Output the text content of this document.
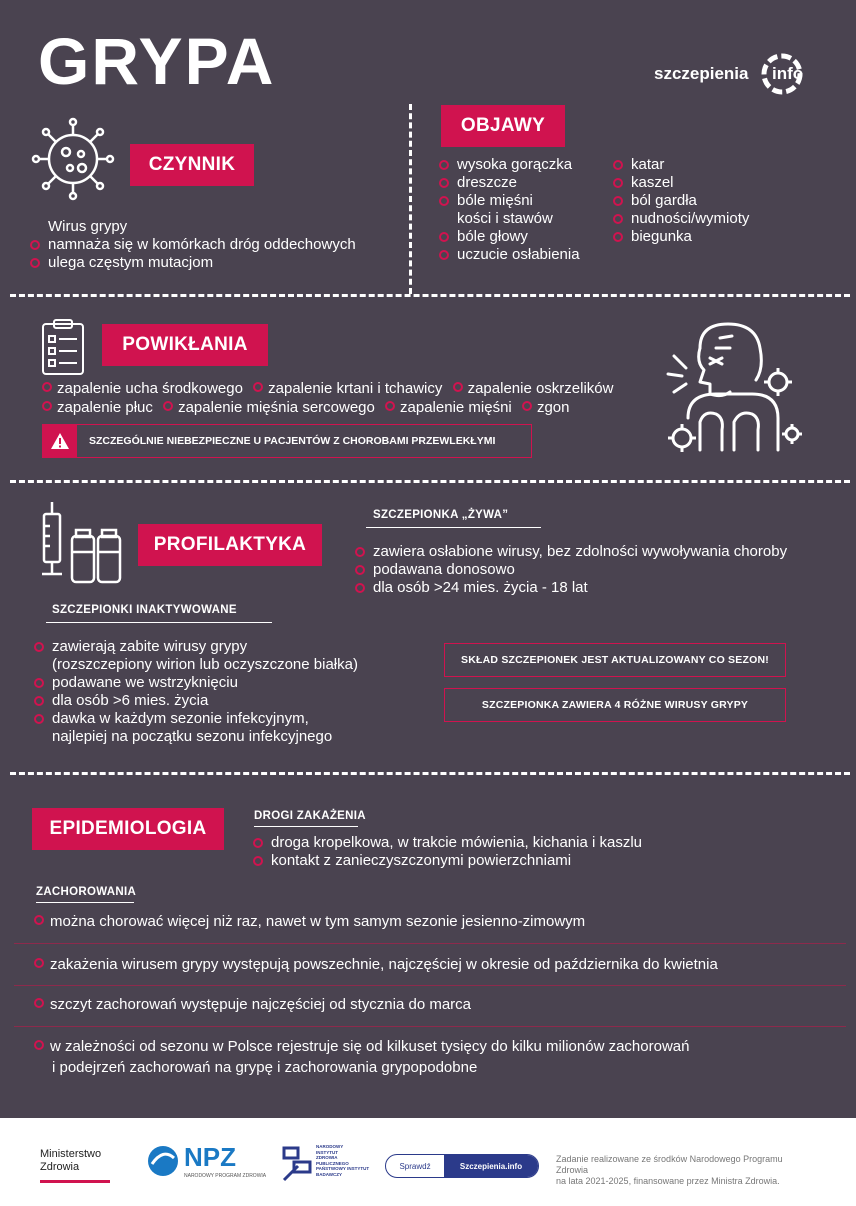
GRYPA	szczepienia info
CZYNNIK
Wirus grypy
namnaża się w komórkach dróg oddechowych
ulega częstym mutacjom
OBJAWY
wysoka gorączka
dreszcze
bóle mięśni
kości i stawów
bóle głowy
uczucie osłabienia
katar
kaszel
ból gardła
nudności/wymioty
biegunka
POWIKŁANIA
zapalenie ucha środkowego zapalenie krtani i tchawicy zapalenie oskrzelików
zapalenie płuc zapalenie mięśnia sercowego zapalenie mięśni zgon
SZCZEGÓLNIE NIEBEZPIECZNE U PACJENTÓW Z CHOROBAMI PRZEWLEKŁYMI
PROFILAKTYKA
SZCZEPIONKA „ŻYWA”
zawiera osłabione wirusy, bez zdolności wywoływania choroby
podawana donosowo
dla osób >24 mies. życia - 18 lat
SZCZEPIONKI INAKTYWOWANE
zawierają zabite wirusy grypy
(rozszczepiony wirion lub oczyszczone białka)
podawane we wstrzyknięciu
dla osób >6 mies. życia
dawka w każdym sezonie infekcyjnym,
najlepiej na początku sezonu infekcyjnego
SKŁAD SZCZEPIONEK JEST AKTUALIZOWANY CO SEZON!
SZCZEPIONKA ZAWIERA 4 RÓŻNE WIRUSY GRYPY
EPIDEMIOLOGIA
DROGI ZAKAŻENIA
droga kropelkowa, w trakcie mówienia, kichania i kaszlu
kontakt z zanieczyszczonymi powierzchniami
ZACHOROWANIA
można chorować więcej niż raz, nawet w tym samym sezonie jesienno-zimowym
zakażenia wirusem grypy występują powszechnie, najczęściej w okresie od października do kwietnia
szczyt zachorowań występuje najczęściej od stycznia do marca
w zależności od sezonu w Polsce rejestruje się od kilkuset tysięcy do kilku milionów zachorowań
i podejrzeń zachorowań na grypę i zachorowania grypopodobne
Ministerstwo
Zdrowia	NPZ
NARODOWY PROGRAM ZDROWIA
NARODOWY
INSTYTUT
ZDROWIA
PUBLICZNEGO
PAŃSTWOWY INSTYTUT
BADAWCZY
Sprawdź	Szczepienia.info
Zadanie realizowane ze środków Narodowego Programu Zdrowia
na lata 2021-2025, finansowane przez Ministra Zdrowia.
